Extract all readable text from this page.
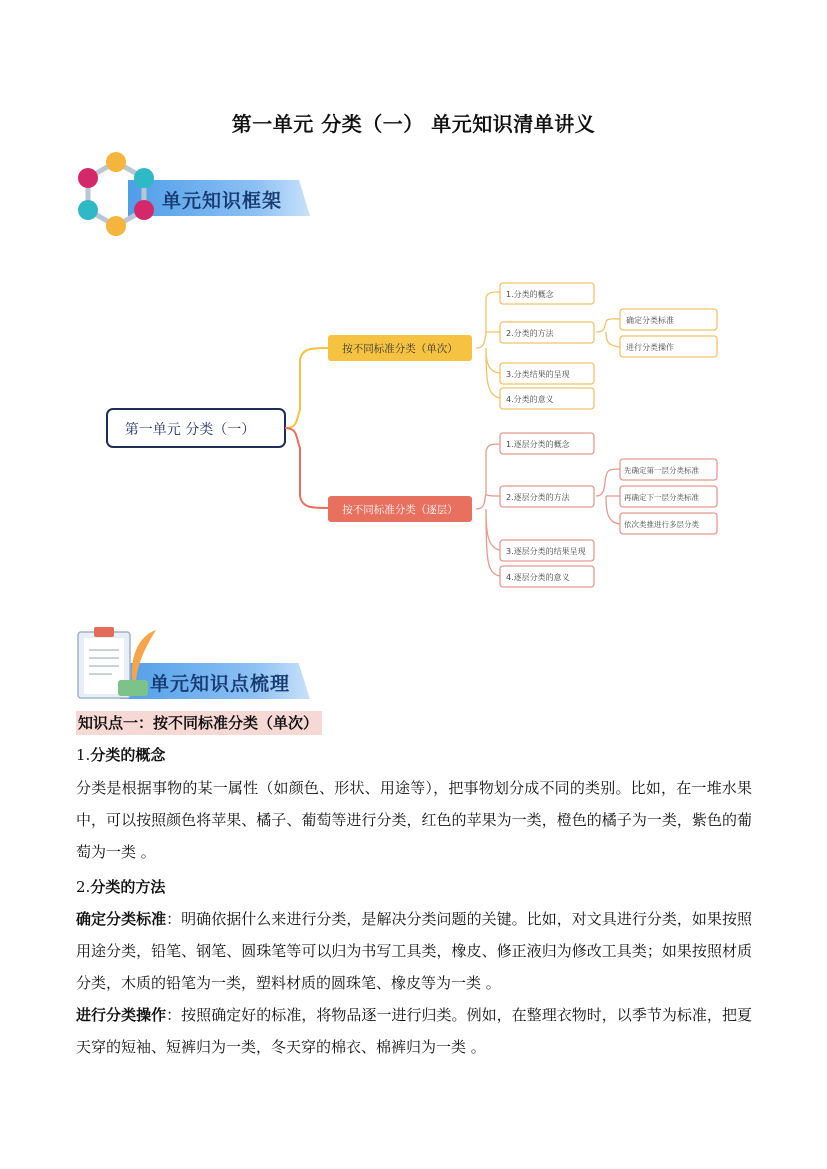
第一单元 分类（一） 单元知识清单讲义
单元知识框架
第一单元 分类（一）
按不同标准分类（单次）
1.分类的概念
2.分类的方法
3.分类结果的呈现
4.分类的意义
确定分类标准
进行分类操作
按不同标准分类（逐层）
1.逐层分类的概念
2.逐层分类的方法
3.逐层分类的结果呈现
4.逐层分类的意义
先确定第一层分类标准
再确定下一层分类标准
依次类推进行多层分类
单元知识点梳理
知识点一：按不同标准分类（单次）
1.分类的概念
分类是根据事物的某一属性（如颜色、形状、用途等），把事物划分成不同的类别。比如，在一堆水果中，可以按照颜色将苹果、橘子、葡萄等进行分类，红色的苹果为一类，橙色的橘子为一类，紫色的葡萄为一类 。
2.分类的方法
确定分类标准：明确依据什么来进行分类，是解决分类问题的关键。比如，对文具进行分类，如果按照用途分类，铅笔、钢笔、圆珠笔等可以归为书写工具类，橡皮、修正液归为修改工具类；如果按照材质分类，木质的铅笔为一类，塑料材质的圆珠笔、橡皮等为一类 。
进行分类操作：按照确定好的标准，将物品逐一进行归类。例如，在整理衣物时，以季节为标准，把夏天穿的短袖、短裤归为一类，冬天穿的棉衣、棉裤归为一类 。
